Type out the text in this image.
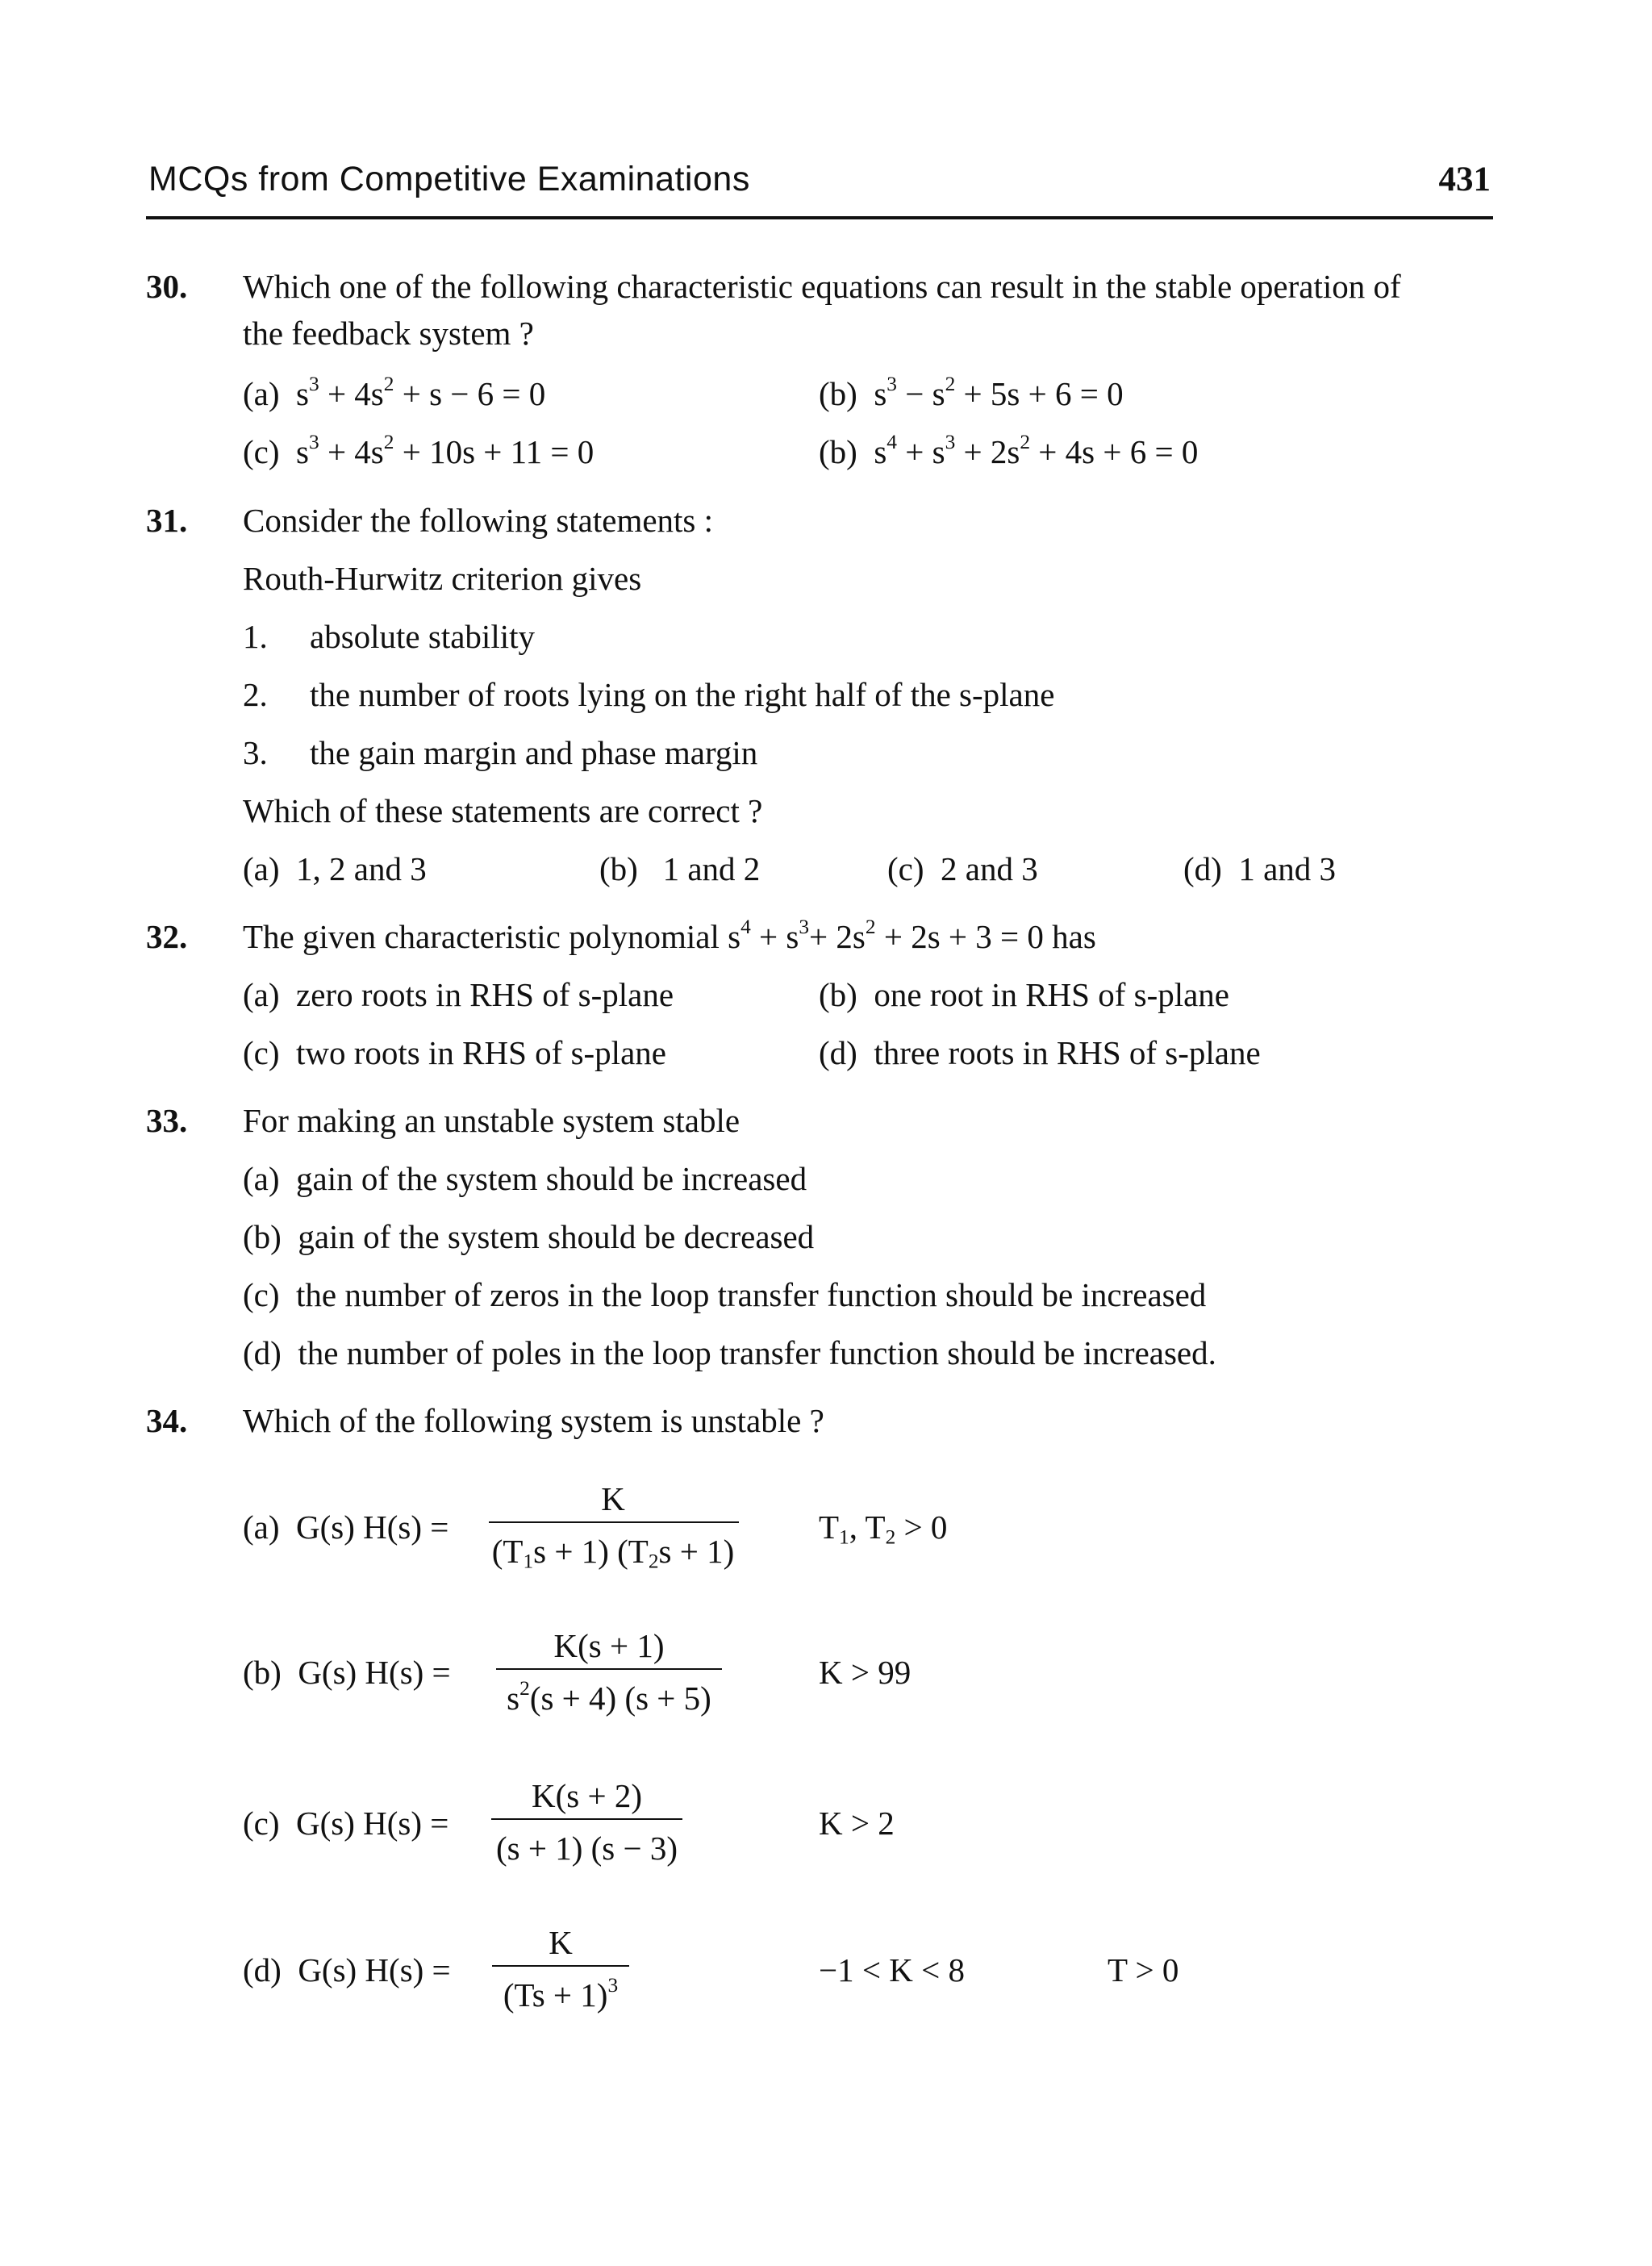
MCQs from Competitive Examinations	431
30. Which one of the following characteristic equations can result in the stable operation of
the feedback system ?
(a) $s^3 + 4s^2 + s - 6 = 0$	(b) $s^3 - s^2 + 5s + 6 = 0$
(c) $s^3 + 4s^2 + 10s + 11 = 0$	(b) $s^4 + s^3 + 2s^2 + 4s + 6 = 0$
31. Consider the following statements :
Routh-Hurwitz criterion gives
1. absolute stability
2. the number of roots lying on the right half of the s-plane
3. the gain margin and phase margin
Which of these statements are correct ?
(a) 1, 2 and 3	(b) 1 and 2	(c) 2 and 3	(d) 1 and 3
32. The given characteristic polynomial $s^4 + s^3+ 2s^2 + 2s + 3 = 0$ has
(a) zero roots in RHS of s-plane	(b) one root in RHS of s-plane
(c) two roots in RHS of s-plane	(d) three roots in RHS of s-plane
33. For making an unstable system stable
(a) gain of the system should be increased
(b) gain of the system should be decreased
(c) the number of zeros in the loop transfer function should be increased
(d) the number of poles in the loop transfer function should be increased.
34. Which of the following system is unstable ?
(a) G(s) H(s) =
K
$(T_1s + 1) (T_2s + 1)$
$T_1$, $T_2 > 0$
(b) G(s) H(s) =
K(s + 1)
$s^2(s + 4) (s + 5)$
K > 99
(c) G(s) H(s) =
K(s + 2)
(s + 1) (s − 3)
K > 2
(d) G(s) H(s) =
K
$(Ts + 1)^3$	−1 < K < 8	T > 0
